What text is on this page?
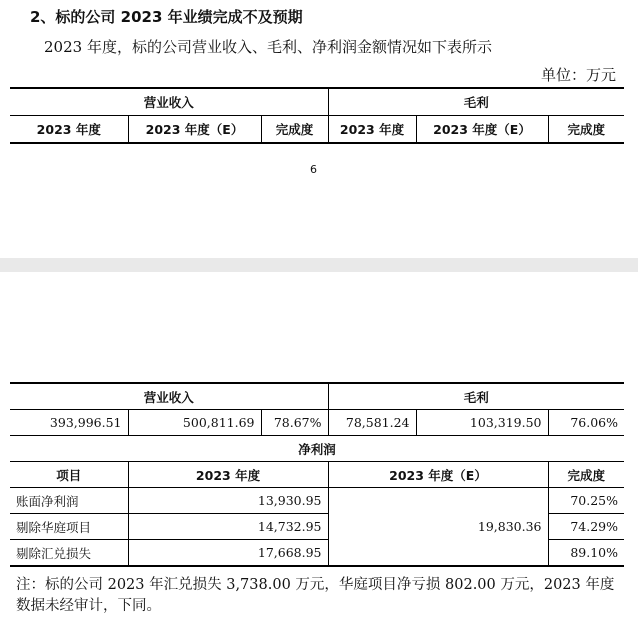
2、标的公司 2023 年业绩完成不及预期
2023 年度，标的公司营业收入、毛利、净利润金额情况如下表所示
单位：万元
营业收入			毛利		
2023 年度	2023 年度（E）	完成度	2023 年度	2023 年度（E）	完成度
6
营业收入			毛利		
393,996.51	500,811.69	78.67%	78,581.24	103,319.50	76.06%
净利润					
项目	2023 年度		2023 年度（E）		完成度
账面净利润	13,930.95		19,830.36		70.25%
剔除华庭项目	14,732.95				74.29%
剔除汇兑损失	17,668.95				89.10%
注：标的公司 2023 年汇兑损失 3,738.00 万元，华庭项目净亏损 802.00 万元，2023 年度数据未经审计，下同。
